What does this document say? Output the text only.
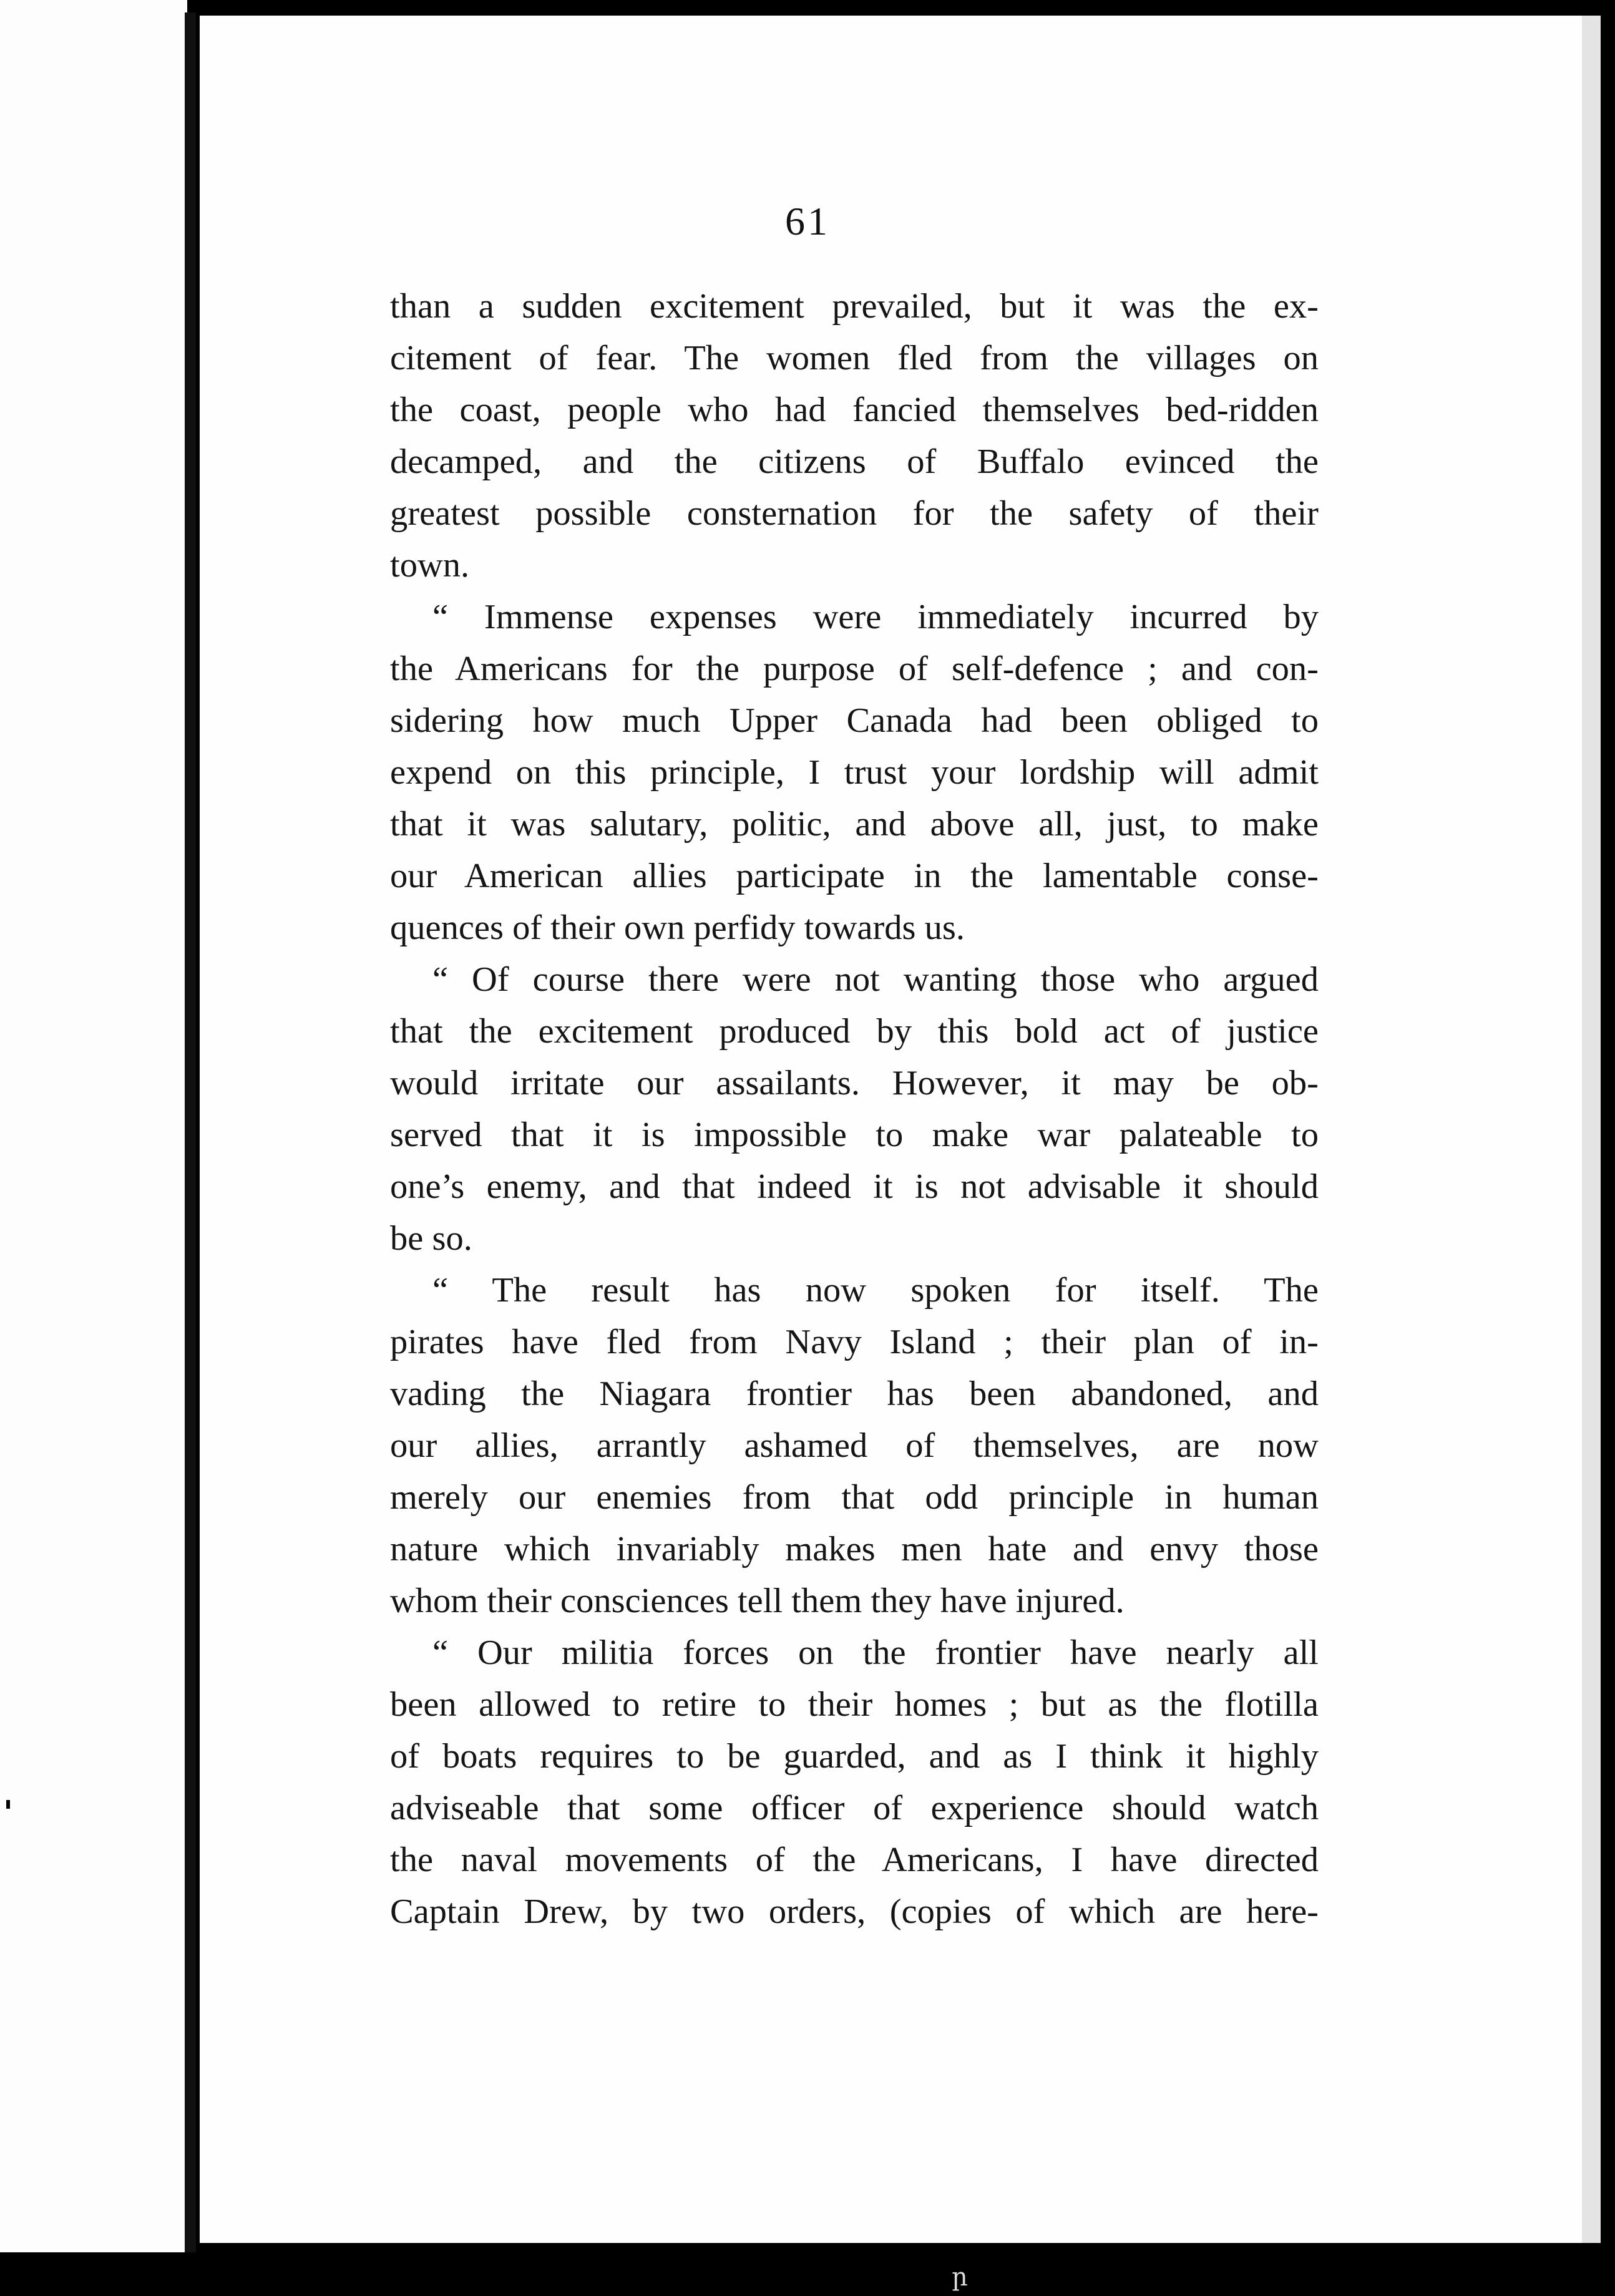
ր
61

than a sudden excitement prevailed, but it was the ex-
citement of fear. The women fled from the villages on
the coast, people who had fancied themselves bed-ridden
decamped, and the citizens of Buffalo evinced the
greatest possible consternation for the safety of their
town.

“ Immense expenses were immediately incurred by
the Americans for the purpose of self-defence ; and con-
sidering how much Upper Canada had been obliged to
expend on this principle, I trust your lordship will admit
that it was salutary, politic, and above all, just, to make
our American allies participate in the lamentable conse-
quences of their own perfidy towards us.

“ Of course there were not wanting those who argued
that the excitement produced by this bold act of justice
would irritate our assailants. However, it may be ob-
served that it is impossible to make war palateable to
one’s enemy, and that indeed it is not advisable it should
be so.

“ The result has now spoken for itself. The
pirates have fled from Navy Island ; their plan of in-
vading the Niagara frontier has been abandoned, and
our allies, arrantly ashamed of themselves, are now
merely our enemies from that odd principle in human
nature which invariably makes men hate and envy those
whom their consciences tell them they have injured.

“ Our militia forces on the frontier have nearly all
been allowed to retire to their homes ; but as the flotilla
of boats requires to be guarded, and as I think it highly
adviseable that some officer of experience should watch
the naval movements of the Americans, I have directed
Captain Drew, by two orders, (copies of which are here-
